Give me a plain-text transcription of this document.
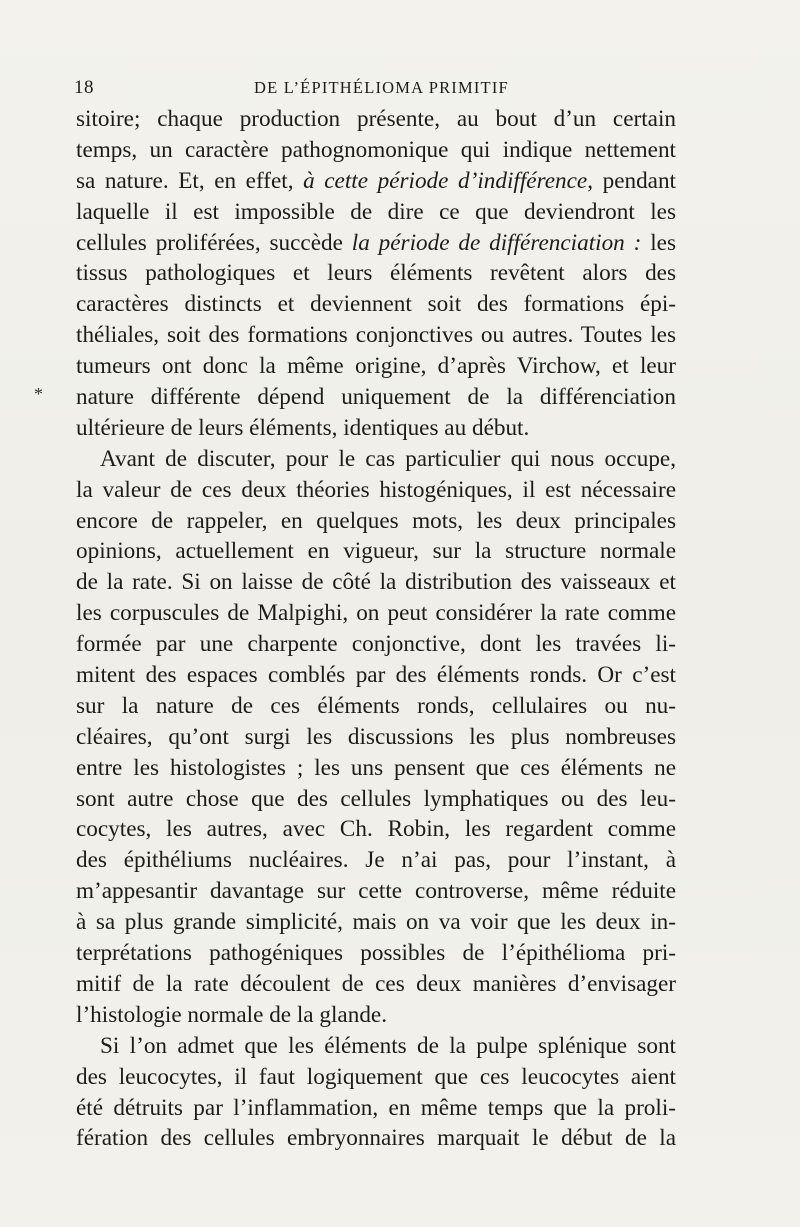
18	DE L’ÉPITHÉLIOMA PRIMITIF
*
sitoire; chaque production présente, au bout d’un certain
temps, un caractère pathognomonique qui indique nettement
sa nature. Et, en effet, à cette période d’indifférence, pendant
laquelle il est impossible de dire ce que deviendront les
cellules proliférées, succède la période de différenciation : les
tissus pathologiques et leurs éléments revêtent alors des
caractères distincts et deviennent soit des formations épi-
théliales, soit des formations conjonctives ou autres. Toutes les
tumeurs ont donc la même origine, d’après Virchow, et leur
nature différente dépend uniquement de la différenciation
ultérieure de leurs éléments, identiques au début.
Avant de discuter, pour le cas particulier qui nous occupe,
la valeur de ces deux théories histogéniques, il est nécessaire
encore de rappeler, en quelques mots, les deux principales
opinions, actuellement en vigueur, sur la structure normale
de la rate. Si on laisse de côté la distribution des vaisseaux et
les corpuscules de Malpighi, on peut considérer la rate comme
formée par une charpente conjonctive, dont les travées li-
mitent des espaces comblés par des éléments ronds. Or c’est
sur la nature de ces éléments ronds, cellulaires ou nu-
cléaires, qu’ont surgi les discussions les plus nombreuses
entre les histologistes ; les uns pensent que ces éléments ne
sont autre chose que des cellules lymphatiques ou des leu-
cocytes, les autres, avec Ch. Robin, les regardent comme
des épithéliums nucléaires. Je n’ai pas, pour l’instant, à
m’appesantir davantage sur cette controverse, même réduite
à sa plus grande simplicité, mais on va voir que les deux in-
terprétations pathogéniques possibles de l’épithélioma pri-
mitif de la rate découlent de ces deux manières d’envisager
l’histologie normale de la glande.
Si l’on admet que les éléments de la pulpe splénique sont
des leucocytes, il faut logiquement que ces leucocytes aient
été détruits par l’inflammation, en même temps que la proli-
fération des cellules embryonnaires marquait le début de la
